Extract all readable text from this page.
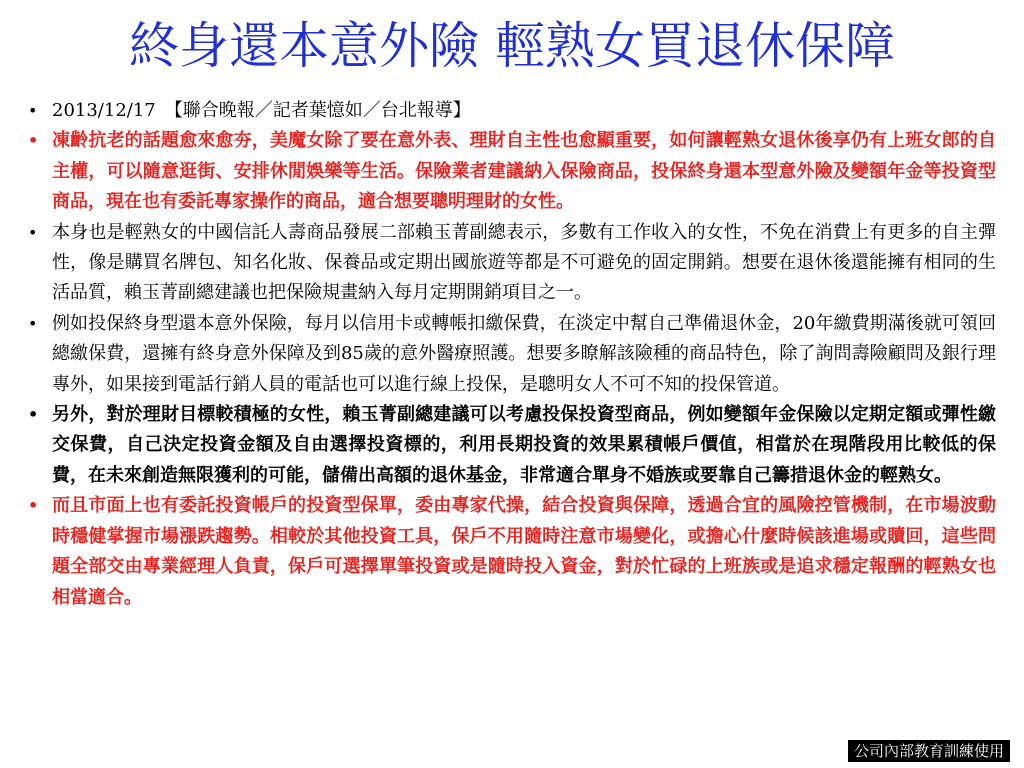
終身還本意外險 輕熟女買退休保障
• 2013/12/17　【聯合晚報／記者葉憶如／台北報導】
• 凍齡抗老的話題愈來愈夯，美魔女除了要在意外表、理財自主性也愈顯重要，如何讓輕熟女退休後享仍有上班女郎的自主權，可以隨意逛街、安排休閒娛樂等生活。保險業者建議納入保險商品，投保終身還本型意外險及變額年金等投資型商品，現在也有委託專家操作的商品，適合想要聰明理財的女性。
• 本身也是輕熟女的中國信託人壽商品發展二部賴玉菁副總表示，多數有工作收入的女性，不免在消費上有更多的自主彈性，像是購買名牌包、知名化妝、保養品或定期出國旅遊等都是不可避免的固定開銷。想要在退休後還能擁有相同的生活品質，賴玉菁副總建議也把保險規畫納入每月定期開銷項目之一。
• 例如投保終身型還本意外保險，每月以信用卡或轉帳扣繳保費，在淡定中幫自己準備退休金，20年繳費期滿後就可領回總繳保費，還擁有終身意外保障及到85歲的意外醫療照護。想要多瞭解該險種的商品特色，除了詢問壽險顧問及銀行理專外，如果接到電話行銷人員的電話也可以進行線上投保，是聰明女人不可不知的投保管道。
• 另外，對於理財目標較積極的女性，賴玉菁副總建議可以考慮投保投資型商品，例如變額年金保險以定期定額或彈性繳交保費，自己決定投資金額及自由選擇投資標的，利用長期投資的效果累積帳戶價值，相當於在現階段用比較低的保費，在未來創造無限獲利的可能，儲備出高額的退休基金，非常適合單身不婚族或要靠自己籌措退休金的輕熟女。
• 而且市面上也有委託投資帳戶的投資型保單，委由專家代操，結合投資與保障，透過合宜的風險控管機制，在市場波動時穩健掌握市場漲跌趨勢。相較於其他投資工具，保戶不用隨時注意市場變化，或擔心什麼時候該進場或贖回，這些問題全部交由專業經理人負責，保戶可選擇單筆投資或是隨時投入資金，對於忙碌的上班族或是追求穩定報酬的輕熟女也相當適合。
公司內部教育訓練使用
